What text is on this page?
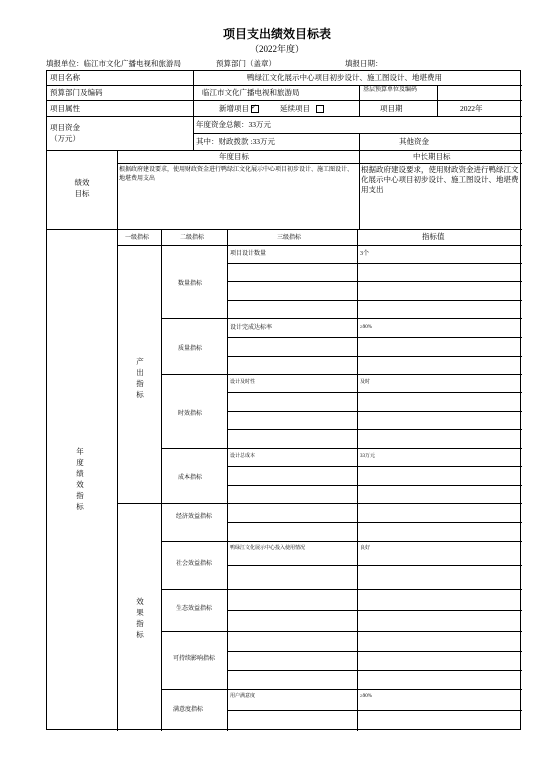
项目支出绩效目标表
（2022年度）
填报单位：临江市文化广播电视和旅游局	预算部门（盖章）	填报日期：
项目名称	鸭绿江文化展示中心项目初步设计、施工图设计、地堪费用
预算部门及编码	临江市文化广播电视和旅游局	基层预算单位及编码
项目属性	新增项目✓	延续项目	项目期	2022年
项目资金
（万元）
年度资金总额：33万元
其中：财政拨款 :33万元	其他资金
绩效目标
年度目标	中长期目标
根据政府建设要求，使用财政资金进行鸭绿江文化展示中心项目初步设计、施工图设计、地堪费用支出
根据政府建设要求，使用财政资金进行鸭绿江文化展示中心项目初步设计、施工图设计、地堪费用支出
一级指标	二级指标	三级指标	指标值
年度绩效指标
产出指标
效果指标
数量指标
质量指标
时效指标
成本指标
经济效益指标
社会效益指标
生态效益指标
可持续影响指标
满意度指标
项目设计数量	3个
设计完成达标率	≥90%
设计及时性	及时
设计总成本	33万元
鸭绿江文化展示中心投入使用情况	良好
用户满意度	≥90%
